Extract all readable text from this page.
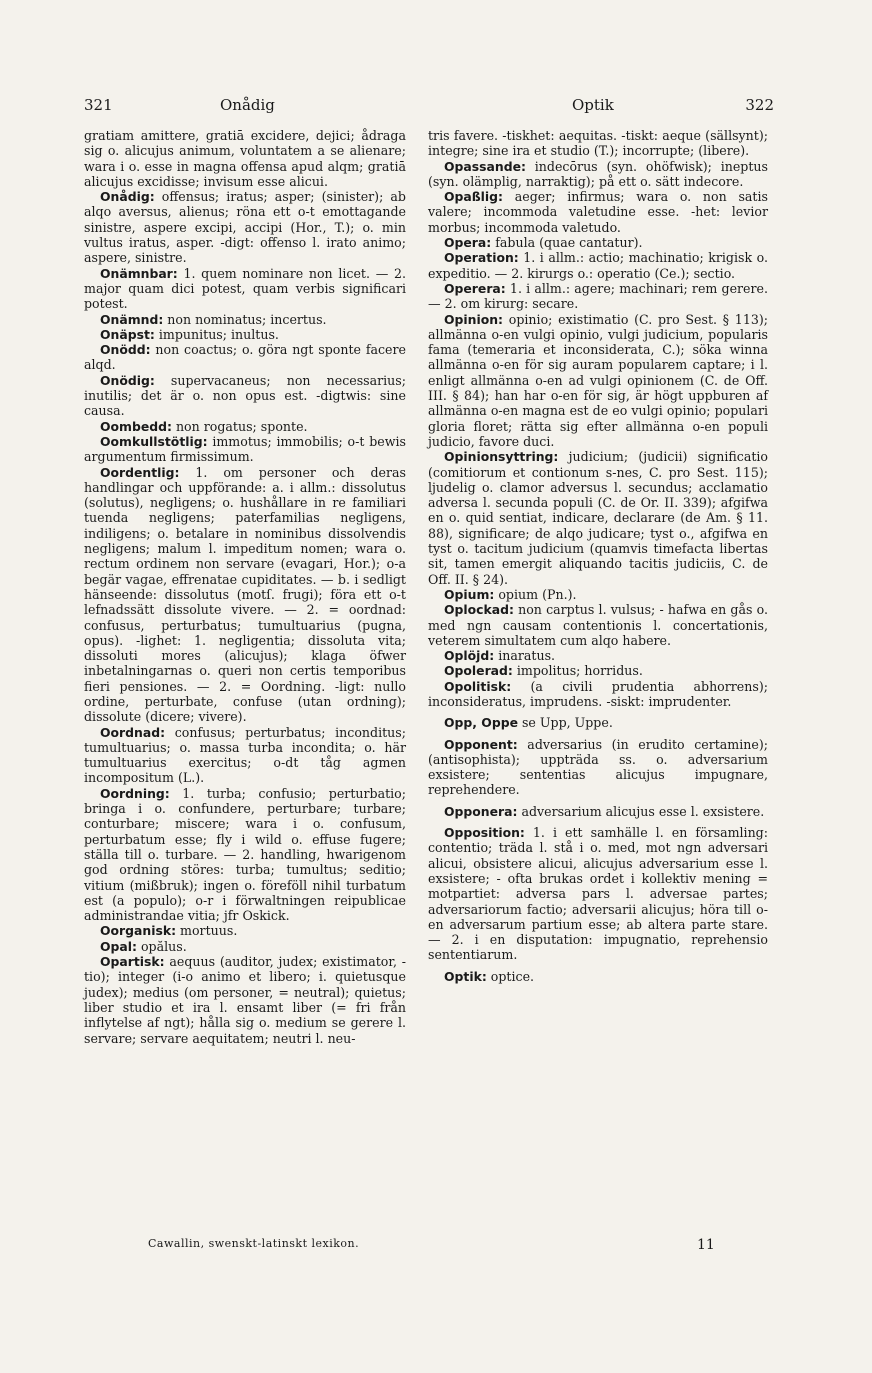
321	Onådig	Optik	322

gratiam amittere, gratiā excidere, dejici; ådraga sig o. alicujus animum, voluntatem a se alienare; wara i o. esse in magna offensa apud alqm; gratiā alicujus excidisse; invisum esse alicui.

Onådig: offensus; iratus; asper; (sinister); ab alqo aversus, alienus; röna ett o-t emottagande sinistre, aspere excipi, accipi (Hor., T.); o. min vultus iratus, asper. -digt: offenso l. irato animo; aspere, sinistre.

Onämnbar: 1. quem nominare non licet. — 2. major quam dici potest, quam verbis significari potest.

Onämnd: non nominatus; incertus.

Onäpst: impunitus; inultus.

Onödd: non coactus; o. göra ngt sponte facere alqd.

Onödig: supervacaneus; non necessarius; inutilis; det är o. non opus est. -digtwis: sine causa.

Oombedd: non rogatus; sponte.

Oomkullstötlig: immotus; immobilis; o-t bewis argumentum firmissimum.

Oordentlig: 1. om personer och deras handlingar och uppförande: a. i allm.: dissolutus (solutus), negligens; o. hushållare in re familiari tuenda negligens; paterfamilias negligens, indiligens; o. betalare in nominibus dissolvendis negligens; malum l. impeditum nomen; wara o. rectum ordinem non servare (evagari, Hor.); o-a begär vagae, effrenatae cupiditates. — b. i sedligt hänseende: dissolutus (motſ. frugi); föra ett o-t lefnadssätt dissolute vivere. — 2. = oordnad: confusus, perturbatus; tumultuarius (pugna, opus). -lighet: 1. negligentia; dissoluta vita; dissoluti mores (alicujus); klaga öfwer inbetalningarnas o. queri non certis temporibus fieri pensiones. — 2. = Oordning. -ligt: nullo ordine, perturbate, confuse (utan ordning); dissolute (dicere; vivere).

Oordnad: confusus; perturbatus; inconditus; tumultuarius; o. massa turba incondita; o. här tumultuarius exercitus; o-dt tåg agmen incompositum (L.).

Oordning: 1. turba; confusio; perturbatio; bringa i o. confundere, perturbare; turbare; conturbare; miscere; wara i o. confusum, perturbatum esse; fly i wild o. effuse fugere; ställa till o. turbare. — 2. handling, hwarigenom god ordning störes: turba; tumultus; seditio; vitium (mißbruk); ingen o. föreföll nihil turbatum est (a populo); o-r i förwaltningen reipublicae administrandae vitia; jfr Oskick.

Oorganisk: mortuus.

Opal: opălus.

Opartisk: aequus (auditor, judex; existimator, -tio); integer (i-o animo et libero; i. quietusque judex); medius (om personer, = neutral); quietus; liber studio et ira l. ensamt liber (= fri från inflytelse af ngt); hålla sig o. medium se gerere l. servare; servare aequitatem; neutri l. neu-

tris favere. -tiskhet: aequitas. -tiskt: aeque (sällsynt); integre; sine ira et studio (T.); incorrupte; (libere).

Opassande: indecōrus (syn. ohöfwisk); ineptus (syn. olämplig, narraktig); på ett o. sätt indecore.

Opaßlig: aeger; infirmus; wara o. non satis valere; incommoda valetudine esse. -het: levior morbus; incommoda valetudo.

Opera: fabula (quae cantatur).

Operation: 1. i allm.: actio; machinatio; krigisk o. expeditio. — 2. kirurgs o.: operatio (Ce.); sectio.

Operera: 1. i allm.: agere; machinari; rem gerere. — 2. om kirurg: secare.

Opinion: opinio; existimatio (C. pro Sest. § 113); allmänna o-en vulgi opinio, vulgi judicium, popularis fama (temeraria et inconsiderata, C.); söka winna allmänna o-en för sig auram popularem captare; i l. enligt allmänna o-en ad vulgi opinionem (C. de Off. III. § 84); han har o-en för sig, är högt uppburen af allmänna o-en magna est de eo vulgi opinio; populari gloria floret; rätta sig efter allmänna o-en populi judicio, favore duci.

Opinionsyttring: judicium; (judicii) significatio (comitiorum et contionum s-nes, C. pro Sest. 115); ljudelig o. clamor adversus l. secundus; acclamatio adversa l. secunda populi (C. de Or. II. 339); afgifwa en o. quid sentiat, indicare, declarare (de Am. § 11. 88), significare; de alqo judicare; tyst o., afgifwa en tyst o. tacitum judicium (quamvis timefacta libertas sit, tamen emergit aliquando tacitis judiciis, C. de Off. II. § 24).

Opium: opium (Pn.).

Oplockad: non carptus l. vulsus; - hafwa en gås o. med ngn causam contentionis l. concertationis, veterem simultatem cum alqo habere.

Oplöjd: inaratus.

Opolerad: impolitus; horridus.

Opolitisk: (a civili prudentia abhorrens); inconsideratus, imprudens. -siskt: imprudenter.

Opp, Oppe se Upp, Uppe.

Opponent: adversarius (in erudito certamine); (antisophista); uppträda ss. o. adversarium exsistere; sententias alicujus impugnare, reprehendere.

Opponera: adversarium alicujus esse l. exsistere.

Opposition: 1. i ett samhälle l. en församling: contentio; träda l. stå i o. med, mot ngn adversari alicui, obsistere alicui, alicujus adversarium esse l. exsistere; - ofta brukas ordet i kollektiv mening = motpartiet: adversa pars l. adversae partes; adversariorum factio; adversarii alicujus; höra till o-en adversarum partium esse; ab altera parte stare. — 2. i en disputation: impugnatio, reprehensio sententiarum.

Optik: optice.

Cawallin, swenskt-latinskt lexikon.	11
